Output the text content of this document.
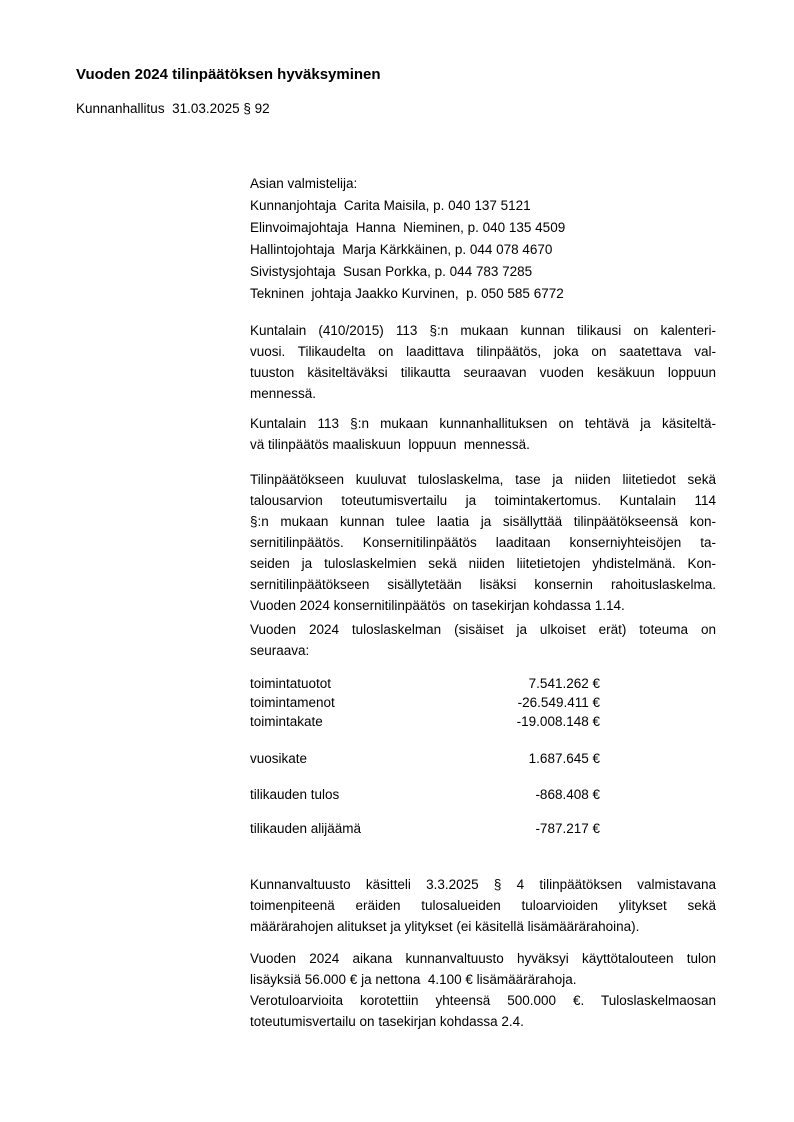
Vuoden 2024 tilinpäätöksen hyväksyminen
Kunnanhallitus  31.03.2025 § 92
Asian valmistelija:
Kunnanjohtaja  Carita Maisila, p. 040 137 5121
Elinvoimajohtaja  Hanna  Nieminen, p. 040 135 4509
Hallintojohtaja  Marja Kärkkäinen, p. 044 078 4670
Sivistysjohtaja  Susan Porkka, p. 044 783 7285
Tekninen  johtaja Jaakko Kurvinen,  p. 050 585 6772
Kuntalain (410/2015) 113 §:n mukaan kunnan tilikausi on kalenteri-
vuosi. Tilikaudelta on laadittava tilinpäätös, joka on saatettava val-
tuuston käsiteltäväksi tilikautta seuraavan vuoden kesäkuun loppuun
mennessä.
Kuntalain 113 §:n mukaan kunnanhallituksen on tehtävä ja käsiteltä-
vä tilinpäätös maaliskuun  loppuun  mennessä.
Tilinpäätökseen kuuluvat tuloslaskelma, tase ja niiden liitetiedot sekä
talousarvion toteutumisvertailu ja toimintakertomus. Kuntalain 114
§:n mukaan kunnan tulee laatia ja sisällyttää tilinpäätökseensä kon-
sernitilinpäätös. Konsernitilinpäätös laaditaan konserniyhteisöjen ta-
seiden ja tuloslaskelmien sekä niiden liitetietojen yhdistelmänä. Kon-
sernitilinpäätökseen sisällytetään lisäksi konsernin rahoituslaskelma.
Vuoden 2024 konsernitilinpäätös  on tasekirjan kohdassa 1.14.
Vuoden 2024 tuloslaskelman (sisäiset ja ulkoiset erät) toteuma on
seuraava:
toimintatuotot	7.541.262 €
toimintamenot	-26.549.411 €
toimintakate	-19.008.148 €
vuosikate	1.687.645 €
tilikauden tulos	-868.408 €
tilikauden alijäämä	-787.217 €
Kunnanvaltuusto käsitteli 3.3.2025 § 4 tilinpäätöksen valmistavana
toimenpiteenä eräiden tulosalueiden tuloarvioiden ylitykset sekä
määrärahojen alitukset ja ylitykset (ei käsitellä lisämäärärahoina).
Vuoden 2024 aikana kunnanvaltuusto hyväksyi käyttötalouteen tulon
lisäyksiä 56.000 € ja nettona  4.100 € lisämäärärahoja.
Verotuloarvioita korotettiin yhteensä 500.000 €. Tuloslaskelmaosan
toteutumisvertailu on tasekirjan kohdassa 2.4.
